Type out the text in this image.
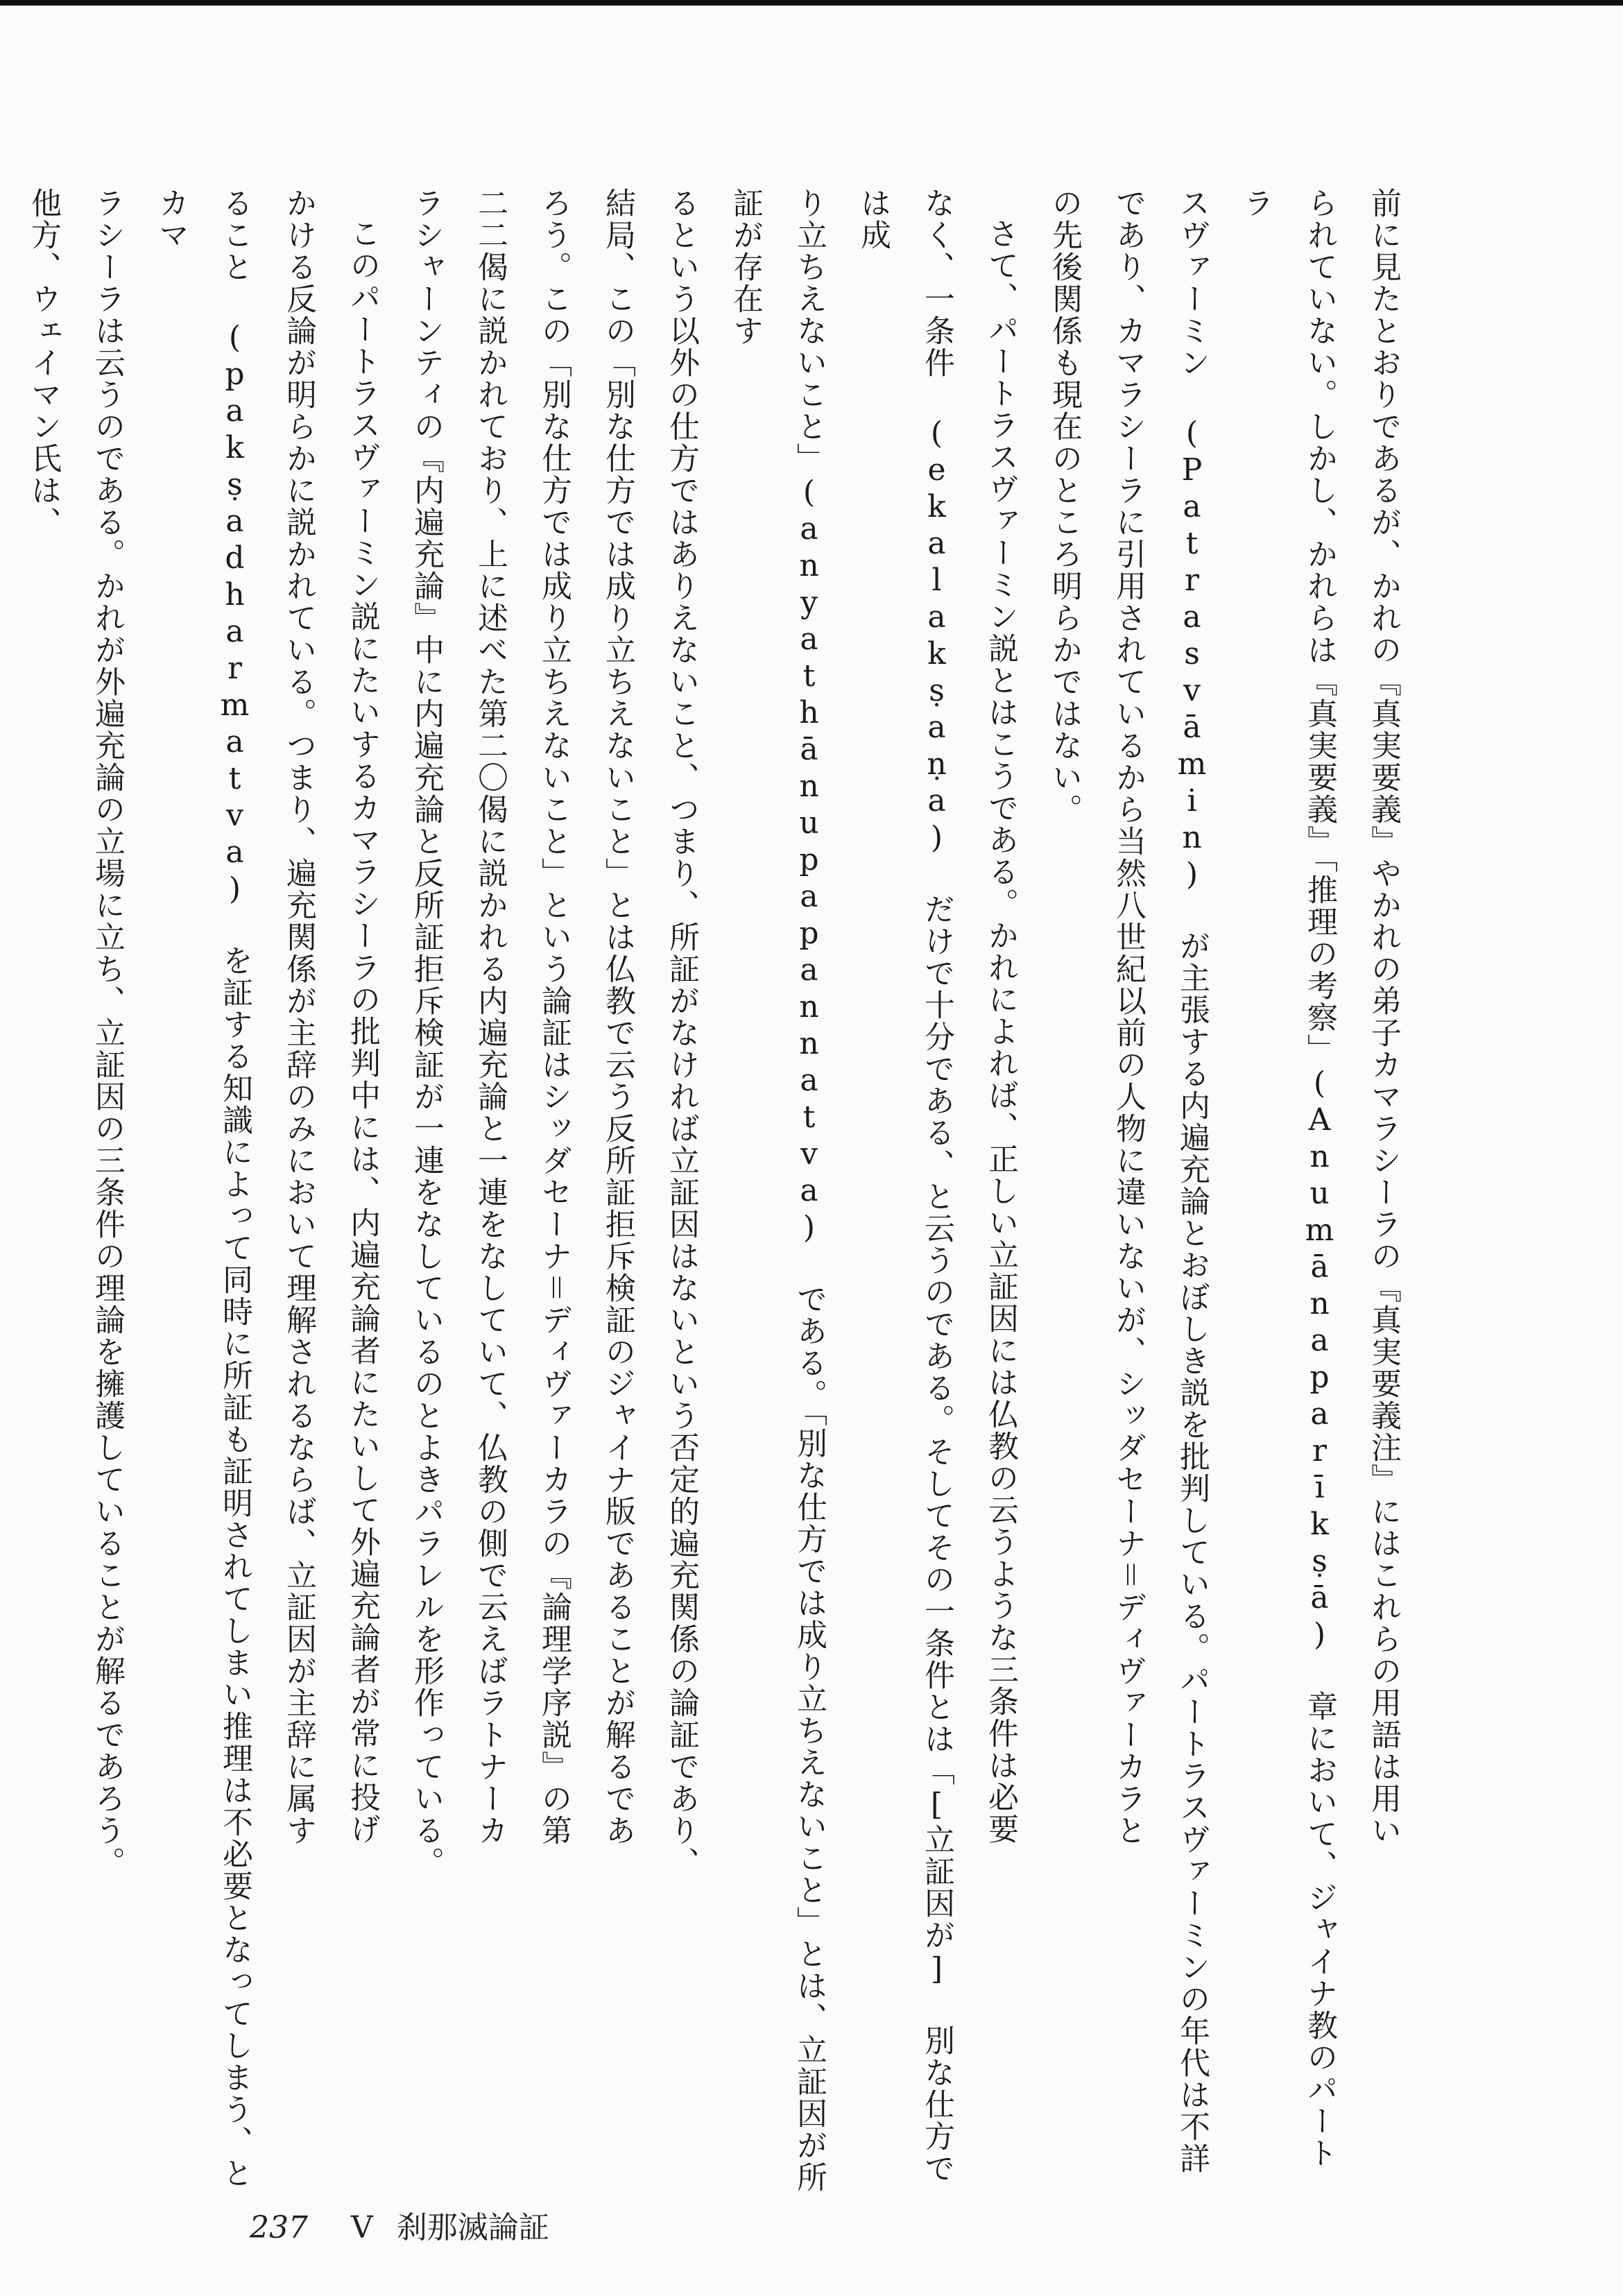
前に見たとおりであるが、かれの『真実要義』やかれの弟子カマラシーラの『真実要義注』にはこれらの用語は用い

られていない。しかし、かれらは『真実要義』「推理の考察」(Anumānaparīkṣā) 章において、ジャイナ教のパートラ

スヴァーミン (Patrasvāmin) が主張する内遍充論とおぼしき説を批判している。パートラスヴァーミンの年代は不詳

であり、カマラシーラに引用されているから当然八世紀以前の人物に違いないが、シッダセーナ＝ディヴァーカラと

の先後関係も現在のところ明らかではない。

さて、パートラスヴァーミン説とはこうである。かれによれば、正しい立証因には仏教の云うような三条件は必要

なく、一条件 (ekalakṣaṇa) だけで十分である、と云うのである。そしてその一条件とは「[立証因が] 別な仕方では成

り立ちえないこと」(anyathānupapannatva) である。「別な仕方では成り立ちえないこと」とは、立証因が所証が存在す

るという以外の仕方ではありえないこと、つまり、所証がなければ立証因はないという否定的遍充関係の論証であり、

結局、この「別な仕方では成り立ちえないこと」とは仏教で云う反所証拒斥検証のジャイナ版であることが解るであ

ろう。この「別な仕方では成り立ちえないこと」という論証はシッダセーナ＝ディヴァーカラの『論理学序説』の第

二二偈に説かれており、上に述べた第二〇偈に説かれる内遍充論と一連をなしていて、仏教の側で云えばラトナーカ

ラシャーンティの『内遍充論』中に内遍充論と反所証拒斥検証が一連をなしているのとよきパラレルを形作っている。

このパートラスヴァーミン説にたいするカマラシーラの批判中には、内遍充論者にたいして外遍充論者が常に投げ

かける反論が明らかに説かれている。つまり、遍充関係が主辞のみにおいて理解されるならば、立証因が主辞に属す

ること (pakṣadharmatva) を証する知識によって同時に所証も証明されてしまい推理は不必要となってしまう、とカマ

ラシーラは云うのである。かれが外遍充論の立場に立ち、立証因の三条件の理論を擁護していることが解るであろう。

他方、ウェイマン氏は、

237 V 刹那滅論証
